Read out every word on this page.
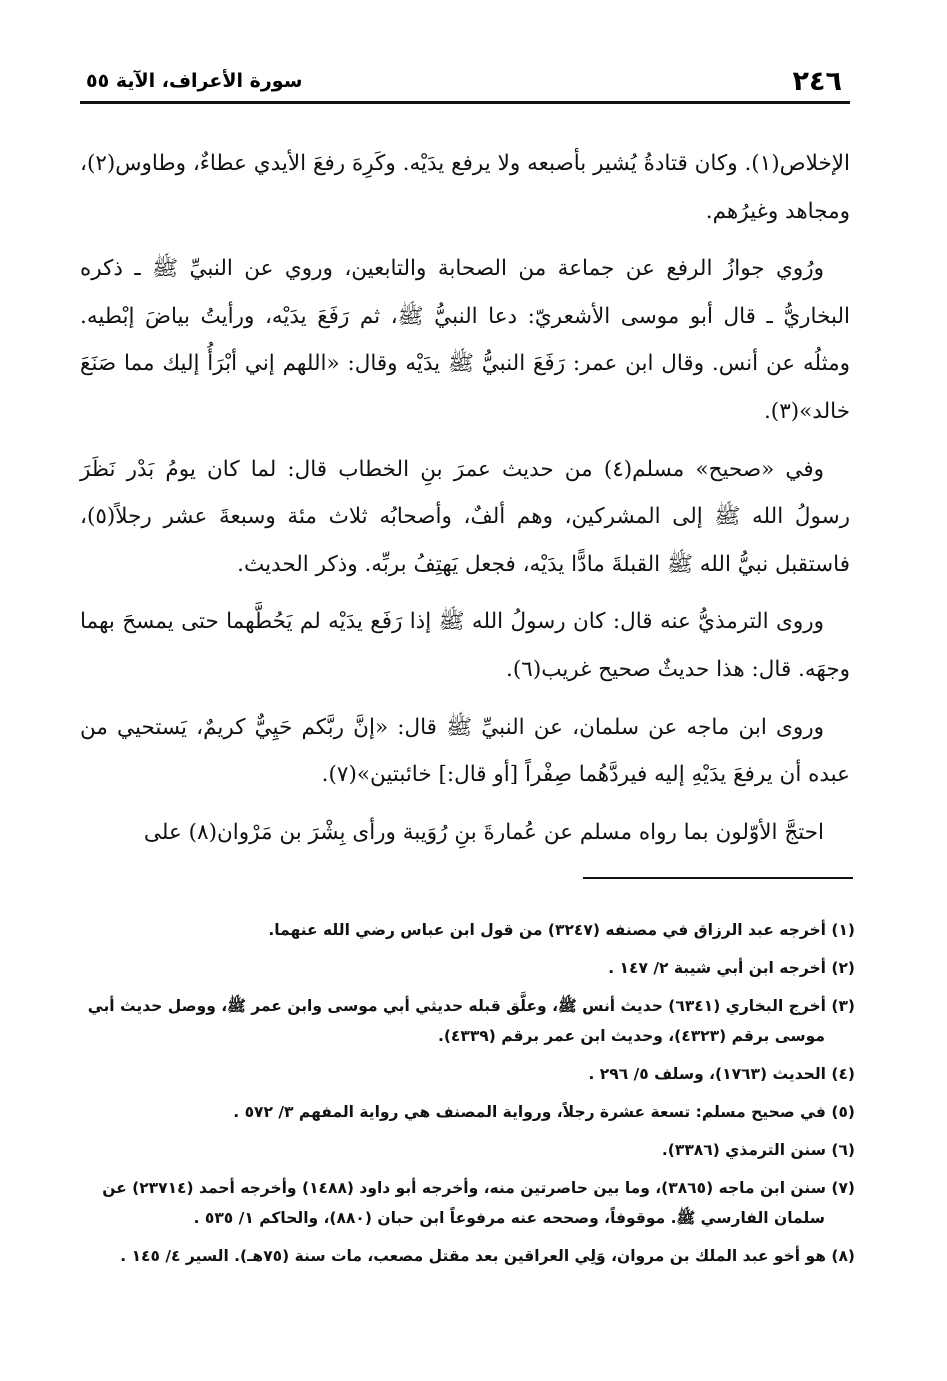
٢٤٦
سورة الأعراف، الآية ٥٥

الإخلاص(١). وكان قتادةُ يُشير بأصبعه ولا يرفع يدَيْه. وكَرِهَ رفعَ الأيدي عطاءٌ، وطاوس(٢)، ومجاهد وغيرُهم.

ورُوي جوازُ الرفع عن جماعة من الصحابة والتابعين، وروي عن النبيِّ ﷺ ـ ذكره البخاريُّ ـ قال أبو موسى الأشعريّ: دعا النبيُّ ﷺ، ثم رَفَعَ يدَيْه، ورأيتُ بياضَ إبْطيه. ومثلُه عن أنس. وقال ابن عمر: رَفَعَ النبيُّ ﷺ يدَيْه وقال: «اللهم إني أبْرَأُ إليك مما صَنَعَ خالد»(٣).

وفي «صحيح» مسلم(٤) من حديث عمرَ بنِ الخطاب قال: لما كان يومُ بَدْر نَظَرَ رسولُ الله ﷺ إلى المشركين، وهم ألفٌ، وأصحابُه ثلاث مئة وسبعةَ عشر رجلاً(٥)، فاستقبل نبيُّ الله ﷺ القبلةَ مادًّا يدَيْه، فجعل يَهتِفُ بربِّه. وذكر الحديث.

وروى الترمذيُّ عنه قال: كان رسولُ الله ﷺ إذا رَفَع يدَيْه لم يَحُطَّهما حتى يمسحَ بهما وجهَه. قال: هذا حديثٌ صحيح غريب(٦).

وروى ابن ماجه عن سلمان، عن النبيِّ ﷺ قال: «إنَّ ربَّكم حَيِيٌّ كريمٌ، يَستحيي من عبده أن يرفعَ يدَيْهِ إليه فيردَّهُما صِفْراً [أو قال:] خائبتين»(٧).

احتجَّ الأوّلون بما رواه مسلم عن عُمارةَ بنِ رُوَيبة ورأى بِشْرَ بن مَرْوان(٨) على

(١) أخرجه عبد الرزاق في مصنفه (٣٢٤٧) من قول ابن عباس رضي الله عنهما.
(٢) أخرجه ابن أبي شيبة ٢/ ١٤٧ .
(٣) أخرج البخاري (٦٣٤١) حديث أنس ﷺ، وعلَّق قبله حديثي أبي موسى وابن عمر ﷺ، ووصل حديث أبي موسى برقم (٤٣٢٣)، وحديث ابن عمر برقم (٤٣٣٩).
(٤) الحديث (١٧٦٣)، وسلف ٥/ ٢٩٦ .
(٥) في صحيح مسلم: تسعة عشرة رجلاً، ورواية المصنف هي رواية المفهم ٣/ ٥٧٢ .
(٦) سنن الترمذي (٣٣٨٦).
(٧) سنن ابن ماجه (٣٨٦٥)، وما بين حاصرتين منه، وأخرجه أبو داود (١٤٨٨) وأخرجه أحمد (٢٣٧١٤) عن سلمان الفارسي ﷺ. موقوفاً، وصححه عنه مرفوعاً ابن حبان (٨٨٠)، والحاكم ١/ ٥٣٥ .
(٨) هو أخو عبد الملك بن مروان، وَلِي العراقين بعد مقتل مصعب، مات سنة (٧٥هـ). السير ٤/ ١٤٥ .
